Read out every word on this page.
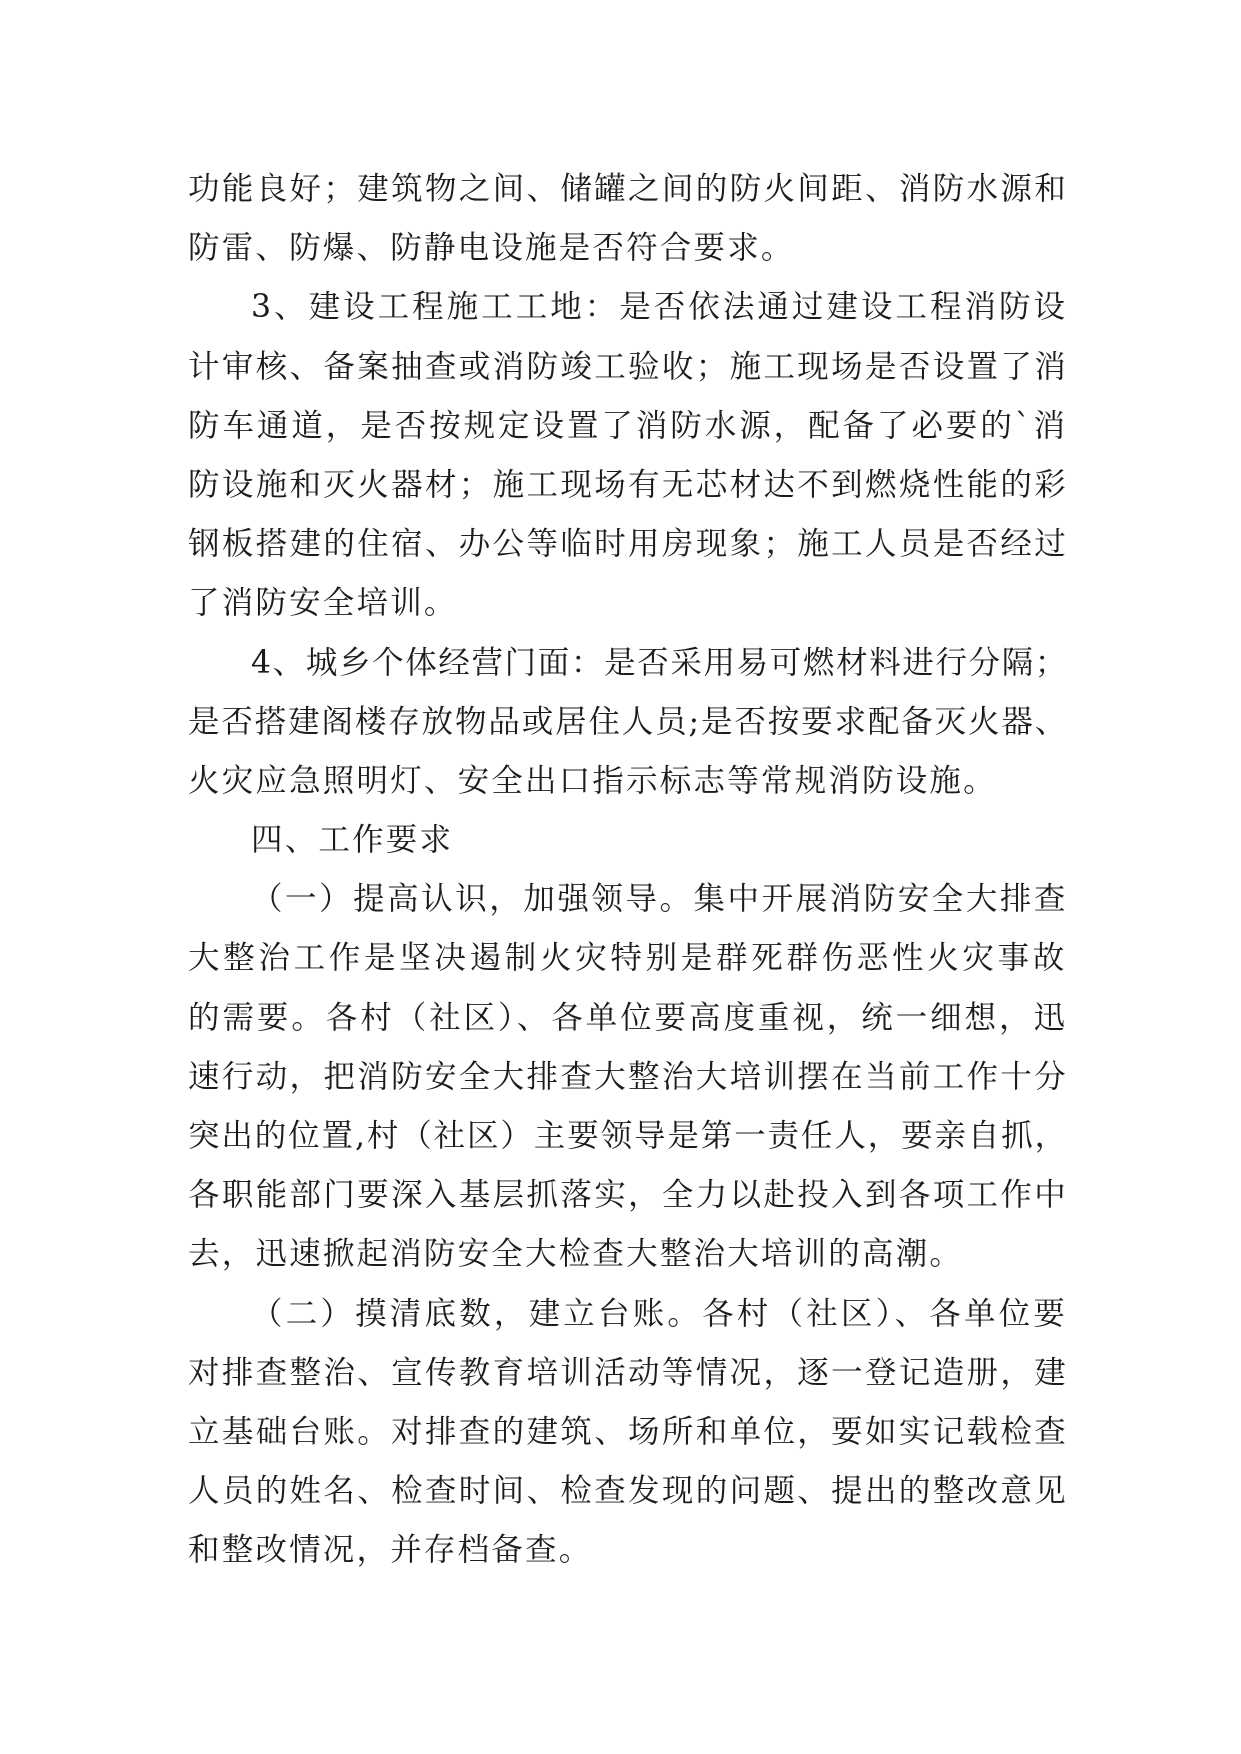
功能良好；建筑物之间、储罐之间的防火间距、消防水源和
防雷、防爆、防静电设施是否符合要求。
3、建设工程施工工地：是否依法通过建设工程消防设
计审核、备案抽查或消防竣工验收；施工现场是否设置了消
防车通道，是否按规定设置了消防水源，配备了必要的`消
防设施和灭火器材；施工现场有无芯材达不到燃烧性能的彩
钢板搭建的住宿、办公等临时用房现象；施工人员是否经过
了消防安全培训。
4、城乡个体经营门面：是否采用易可燃材料进行分隔；
是否搭建阁楼存放物品或居住人员;是否按要求配备灭火器、
火灾应急照明灯、安全出口指示标志等常规消防设施。
四、工作要求
（一）提高认识，加强领导。集中开展消防安全大排查
大整治工作是坚决遏制火灾特别是群死群伤恶性火灾事故
的需要。各村（社区）、各单位要高度重视，统一细想，迅
速行动，把消防安全大排查大整治大培训摆在当前工作十分
突出的位置,村（社区）主要领导是第一责任人，要亲自抓，
各职能部门要深入基层抓落实，全力以赴投入到各项工作中
去，迅速掀起消防安全大检查大整治大培训的高潮。
（二）摸清底数，建立台账。各村（社区）、各单位要
对排查整治、宣传教育培训活动等情况，逐一登记造册，建
立基础台账。对排查的建筑、场所和单位，要如实记载检查
人员的姓名、检查时间、检查发现的问题、提出的整改意见
和整改情况，并存档备查。
